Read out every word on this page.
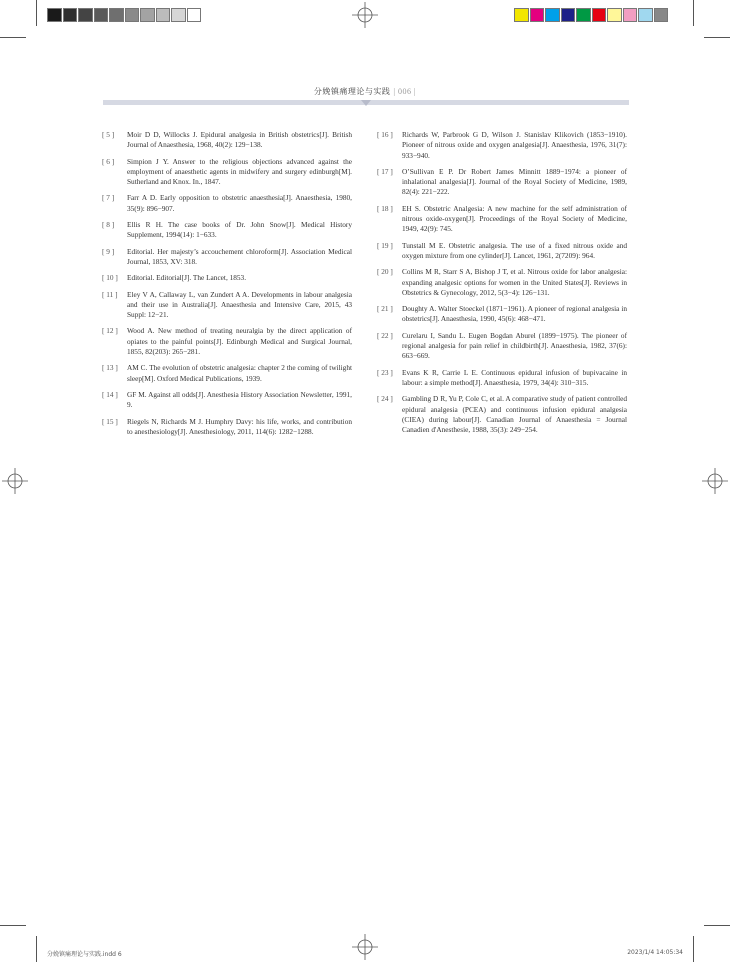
分娩镇痛理论与实践 | 006 |
[ 5 ] Moir D D, Willocks J. Epidural analgesia in British obstetrics[J]. British Journal of Anaesthesia, 1968, 40(2): 129−138.
[ 6 ] Simpion J Y. Answer to the religious objections advanced against the employment of anaesthetic agents in midwifery and surgery edinburgh[M]. Sutherland and Knox. In., 1847.
[ 7 ] Farr A D. Early opposition to obstetric anaesthesia[J]. Anaesthesia, 1980, 35(9): 896−907.
[ 8 ] Ellis R H. The case books of Dr. John Snow[J]. Medical History Supplement, 1994(14): 1−633.
[ 9 ] Editorial. Her majesty’s accouchement chloroform[J]. Association Medical Journal, 1853, XV: 318.
[ 10 ] Editorial. Editorial[J]. The Lancet, 1853.
[ 11 ] Eley V A, Callaway L, van Zundert A A. Developments in labour analgesia and their use in Australia[J]. Anaesthesia and Intensive Care, 2015, 43 Suppl: 12−21.
[ 12 ] Wood A. New method of treating neuralgia by the direct application of opiates to the painful points[J]. Edinburgh Medical and Surgical Journal, 1855, 82(203): 265−281.
[ 13 ] AM C. The evolution of obstetric analgesia: chapter 2 the coming of twilight sleep[M]. Oxford Medical Publications, 1939.
[ 14 ] GF M. Against all odds[J]. Anesthesia History Association Newsletter, 1991, 9.
[ 15 ] Riegels N, Richards M J. Humphry Davy: his life, works, and contribution to anesthesiology[J]. Anesthesiology, 2011, 114(6): 1282−1288.
[ 16 ] Richards W, Parbrook G D, Wilson J. Stanislav Klikovich (1853−1910). Pioneer of nitrous oxide and oxygen analgesia[J]. Anaesthesia, 1976, 31(7): 933−940.
[ 17 ] O’Sullivan E P. Dr Robert James Minnitt 1889−1974: a pioneer of inhalational analgesia[J]. Journal of the Royal Society of Medicine, 1989, 82(4): 221−222.
[ 18 ] EH S. Obstetric Analgesia: A new machine for the self administration of nitrous oxide-oxygen[J]. Proceedings of the Royal Society of Medicine, 1949, 42(9): 745.
[ 19 ] Tunstall M E. Obstetric analgesia. The use of a fixed nitrous oxide and oxygen mixture from one cylinder[J]. Lancet, 1961, 2(7209): 964.
[ 20 ] Collins M R, Starr S A, Bishop J T, et al. Nitrous oxide for labor analgesia: expanding analgesic options for women in the United States[J]. Reviews in Obstetrics & Gynecology, 2012, 5(3−4): 126−131.
[ 21 ] Doughty A. Walter Stoeckel (1871−1961). A pioneer of regional analgesia in obstetrics[J]. Anaesthesia, 1990, 45(6): 468−471.
[ 22 ] Curelaru I, Sandu L. Eugen Bogdan Aburel (1899−1975). The pioneer of regional analgesia for pain relief in childbirth[J]. Anaesthesia, 1982, 37(6): 663−669.
[ 23 ] Evans K R, Carrie L E. Continuous epidural infusion of bupivacaine in labour: a simple method[J]. Anaesthesia, 1979, 34(4): 310−315.
[ 24 ] Gambling D R, Yu P, Cole C, et al. A comparative study of patient controlled epidural analgesia (PCEA) and continuous infusion epidural analgesia (CIEA) during labour[J]. Canadian Journal of Anaesthesia = Journal Canadien d'Anesthesie, 1988, 35(3): 249−254.
分娩镇痛理论与实践.indd 6	2023/1/4 14:05:34
